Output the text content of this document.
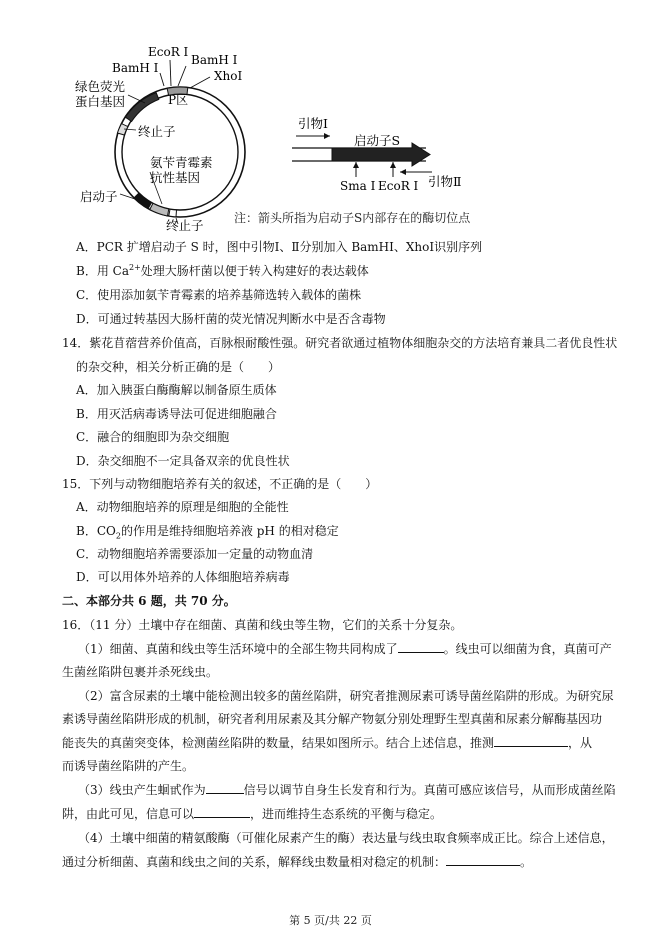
EcoR Ⅰ
BamH Ⅰ
BamH Ⅰ
XhoⅠ
绿色荧光
蛋白基因	P区
终止子
氨苄青霉素
抗性基因
启动子
终止子
引物Ⅰ
启动子S
Sma Ⅰ EcoR Ⅰ 引物Ⅱ
注：箭头所指为启动子S内部存在的酶切位点
A．PCR 扩增启动子 S 时，图中引物Ⅰ、Ⅱ分别加入 BamHⅠ、XhoⅠ识别序列
B．用 $Ca^{2+}$处理大肠杆菌以便于转入构建好的表达载体
C．使用添加氨苄青霉素的培养基筛选转入载体的菌株
D．可通过转基因大肠杆菌的荧光情况判断水中是否含毒物
14．紫花苜蓿营养价值高，百脉根耐酸性强。研究者欲通过植物体细胞杂交的方法培育兼具二者优良性状
的杂交种，相关分析正确的是（　　）
A．加入胰蛋白酶酶解以制备原生质体
B．用灭活病毒诱导法可促进细胞融合
C．融合的细胞即为杂交细胞
D．杂交细胞不一定具备双亲的优良性状
15．下列与动物细胞培养有关的叙述，不正确的是（　　）
A．动物细胞培养的原理是细胞的全能性
B．$CO_2$的作用是维持细胞培养液 pH 的相对稳定
C．动物细胞培养需要添加一定量的动物血清
D．可以用体外培养的人体细胞培养病毒
二、本部分共 6 题，共 70 分。
16．（11 分）土壤中存在细菌、真菌和线虫等生物，它们的关系十分复杂。
（1）细菌、真菌和线虫等生活环境中的全部生物共同构成了	。线虫可以细菌为食，真菌可产
生菌丝陷阱包裹并杀死线虫。
（2）富含尿素的土壤中能检测出较多的菌丝陷阱，研究者推测尿素可诱导菌丝陷阱的形成。为研究尿
素诱导菌丝陷阱形成的机制，研究者利用尿素及其分解产物氨分别处理野生型真菌和尿素分解酶基因功
能丧失的真菌突变体，检测菌丝陷阱的数量，结果如图所示。结合上述信息，推测	，从
而诱导菌丝陷阱的产生。
（3）线虫产生蛔甙作为	信号以调节自身生长发育和行为。真菌可感应该信号，从而形成菌丝陷
阱，由此可见，信息可以	，进而维持生态系统的平衡与稳定。
（4）土壤中细菌的精氨酸酶（可催化尿素产生的酶）表达量与线虫取食频率成正比。综合上述信息，
通过分析细菌、真菌和线虫之间的关系，解释线虫数量相对稳定的机制：	。
第 5 页/共 22 页
